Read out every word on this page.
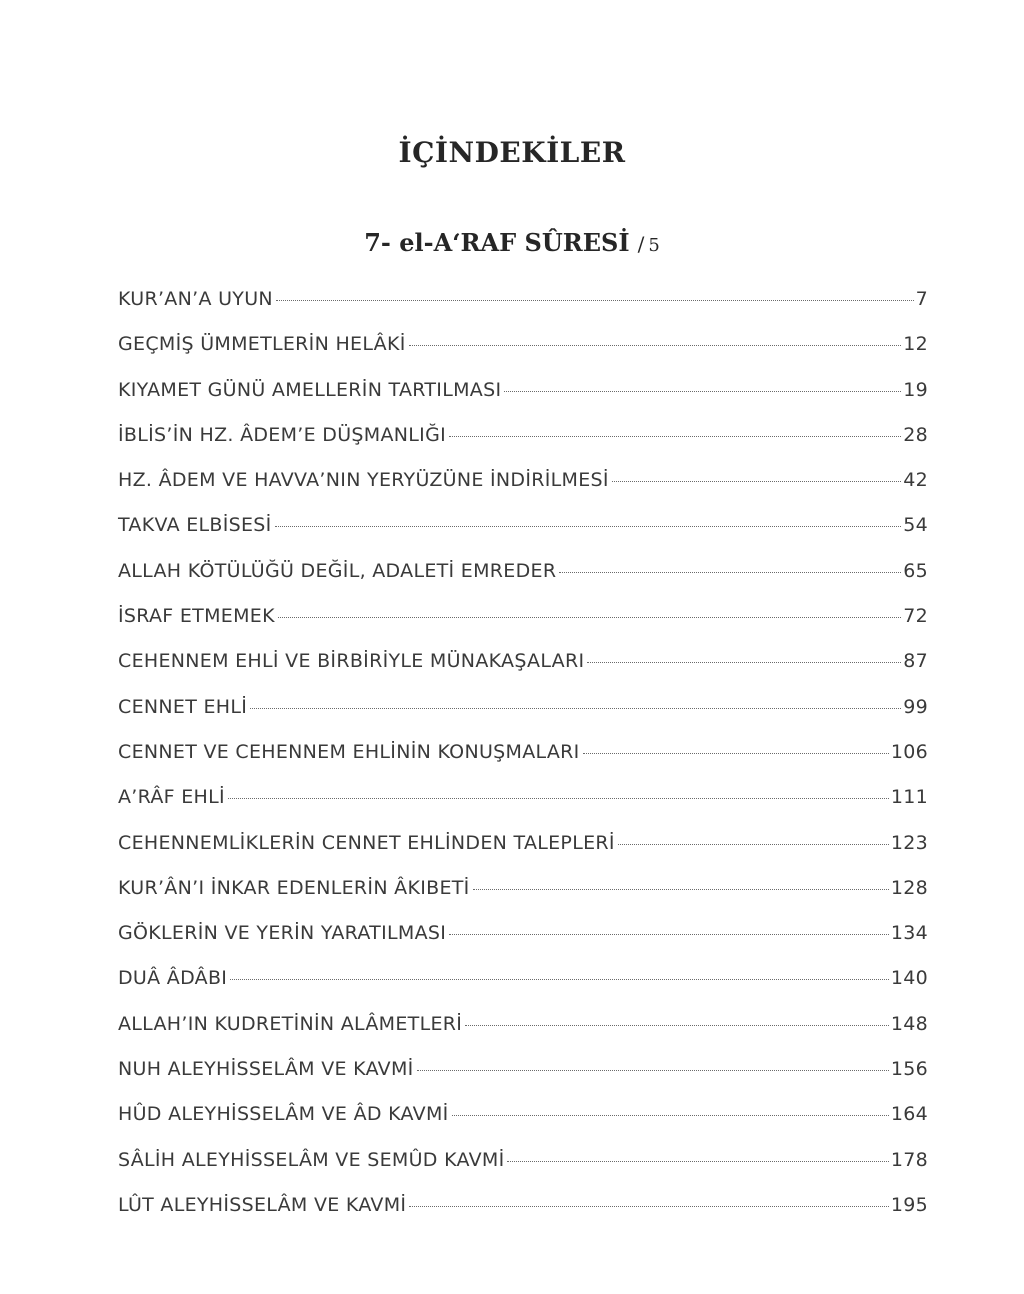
İÇİNDEKİLER
7- el-A‘RAF SÛRESİ / 5
KUR’AN’A UYUN	7
GEÇMİŞ ÜMMETLERİN HELÂKİ	12
KIYAMET GÜNÜ AMELLERİN TARTILMASI	19
İBLİS’İN HZ. ÂDEM’E DÜŞMANLIĞI	28
HZ. ÂDEM VE HAVVA’NIN YERYÜZÜNE İNDİRİLMESİ	42
TAKVA ELBİSESİ	54
ALLAH KÖTÜLÜĞÜ DEĞİL, ADALETİ EMREDER	65
İSRAF ETMEMEK	72
CEHENNEM EHLİ VE BİRBİRİYLE MÜNAKAŞALARI	87
CENNET EHLİ	99
CENNET VE CEHENNEM EHLİNİN KONUŞMALARI	106
A’RÂF EHLİ	111
CEHENNEMLİKLERİN CENNET EHLİNDEN TALEPLERİ	123
KUR’ÂN’I İNKAR EDENLERİN ÂKIBETİ	128
GÖKLERİN VE YERİN YARATILMASI	134
DUÂ ÂDÂBI	140
ALLAH’IN KUDRETİNİN ALÂMETLERİ	148
NUH ALEYHİSSELÂM VE KAVMİ	156
HÛD ALEYHİSSELÂM VE ÂD KAVMİ	164
SÂLİH ALEYHİSSELÂM VE SEMÛD KAVMİ	178
LÛT ALEYHİSSELÂM VE KAVMİ	195
